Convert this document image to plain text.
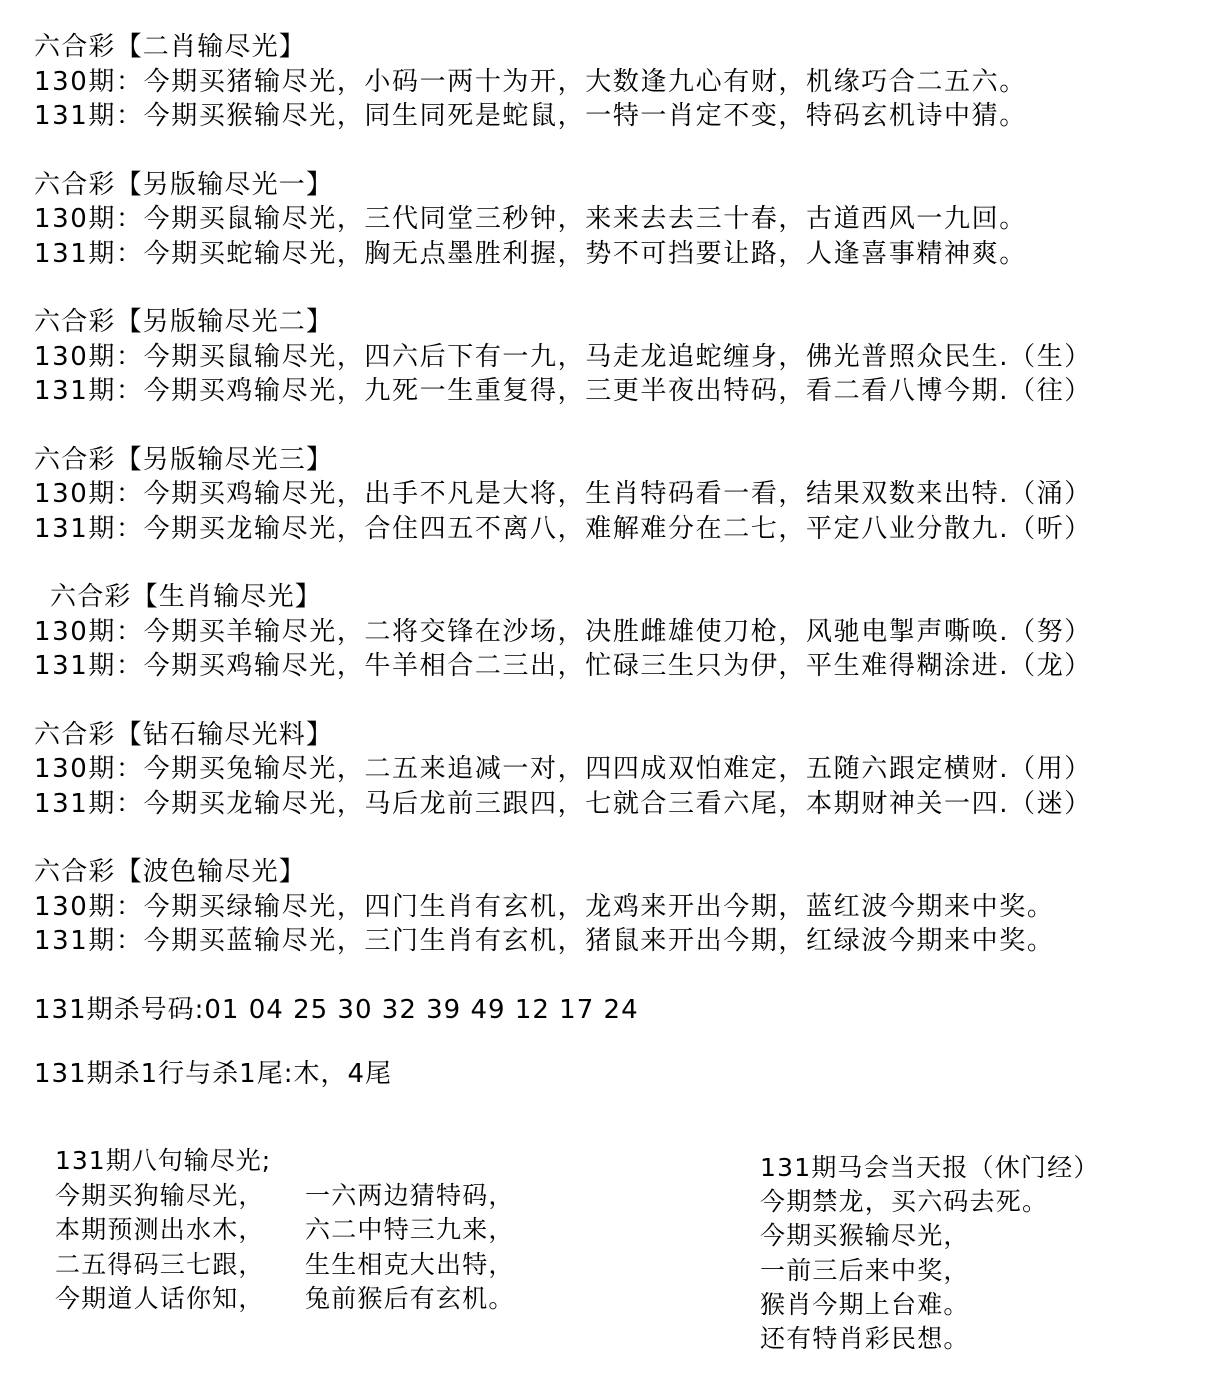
六合彩【二肖输尽光】
130期：今期买猪输尽光，小码一两十为开，大数逢九心有财，机缘巧合二五六。
131期：今期买猴输尽光，同生同死是蛇鼠，一特一肖定不变，特码玄机诗中猜。
六合彩【另版输尽光一】
130期：今期买鼠输尽光，三代同堂三秒钟，来来去去三十春，古道西风一九回。
131期：今期买蛇输尽光，胸无点墨胜利握，势不可挡要让路，人逢喜事精神爽。
六合彩【另版输尽光二】
130期：今期买鼠输尽光，四六后下有一九，马走龙追蛇缠身，佛光普照众民生.（生）
131期：今期买鸡输尽光，九死一生重复得，三更半夜出特码，看二看八博今期.（往）
六合彩【另版输尽光三】
130期：今期买鸡输尽光，出手不凡是大将，生肖特码看一看，结果双数来出特.（涌）
131期：今期买龙输尽光，合住四五不离八，难解难分在二七，平定八业分散九.（听）
六合彩【生肖输尽光】
130期：今期买羊输尽光，二将交锋在沙场，决胜雌雄使刀枪，风驰电掣声嘶唤.（努）
131期：今期买鸡输尽光，牛羊相合二三出，忙碌三生只为伊，平生难得糊涂进.（龙）
六合彩【钻石输尽光料】
130期：今期买兔输尽光，二五来追减一对，四四成双怕难定，五随六跟定横财.（用）
131期：今期买龙输尽光，马后龙前三跟四，七就合三看六尾，本期财神关一四.（迷）
六合彩【波色输尽光】
130期：今期买绿输尽光，四门生肖有玄机，龙鸡来开出今期，蓝红波今期来中奖。
131期：今期买蓝输尽光，三门生肖有玄机，猪鼠来开出今期，红绿波今期来中奖。
131期杀号码:01 04 25 30 32 39 49 12 17 24
131期杀1行与杀1尾:木，4尾
131期八句输尽光;
今期买狗输尽光， 一六两边猜特码，
本期预测出水木， 六二中特三九来，
二五得码三七跟， 生生相克大出特，
今期道人话你知， 兔前猴后有玄机。
131期马会当天报（休门经）
今期禁龙，买六码去死。
今期买猴输尽光，
一前三后来中奖，
猴肖今期上台难。
还有特肖彩民想。
